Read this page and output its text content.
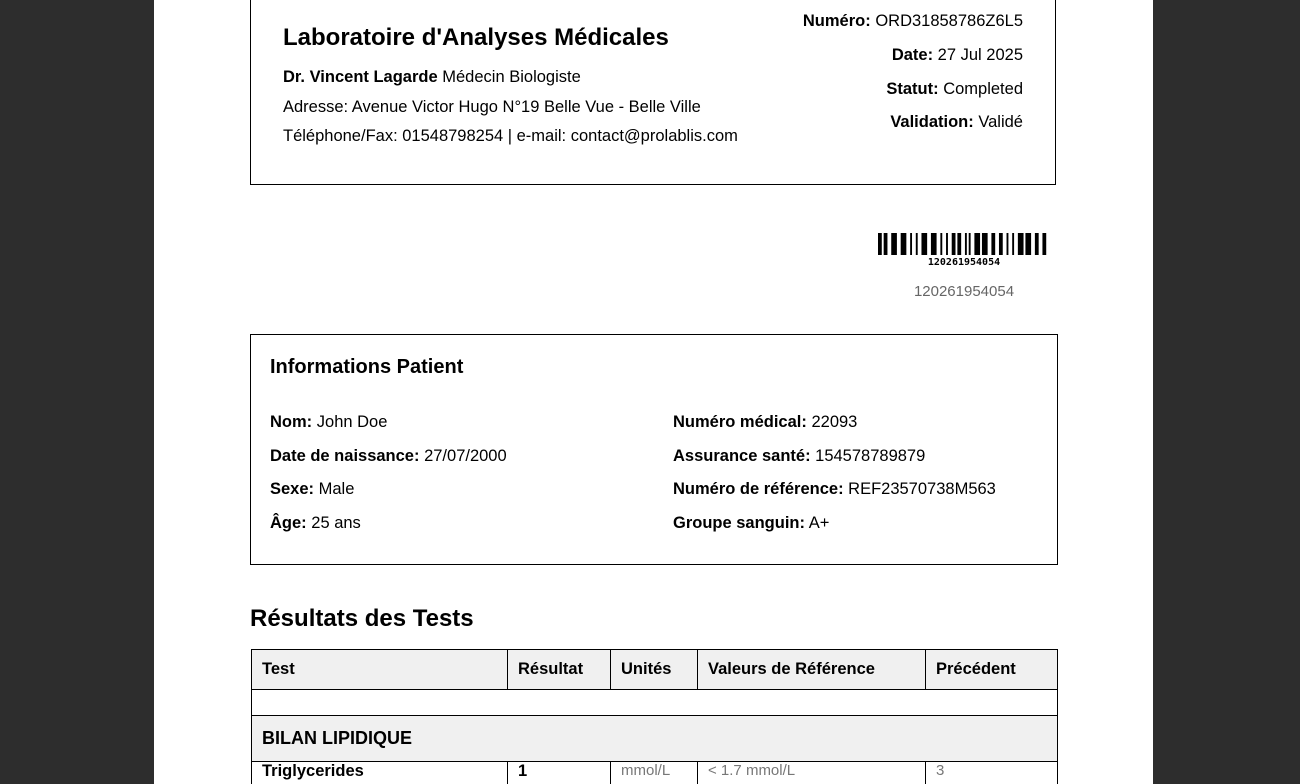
Laboratoire d'Analyses Médicales
Dr. Vincent Lagarde Médecin Biologiste
Adresse: Avenue Victor Hugo N°19 Belle Vue - Belle Ville
Téléphone/Fax: 01548798254 | e-mail: contact@prolablis.com
Numéro: ORD31858786Z6L5
Date: 27 Jul 2025
Statut: Completed
Validation: Validé
120261954054
120261954054
Informations Patient
Nom: John Doe
Date de naissance: 27/07/2000
Sexe: Male
Âge: 25 ans
Numéro médical: 22093
Assurance santé: 154578789879
Numéro de référence: REF23570738M563
Groupe sanguin: A+
Résultats des Tests
Test	Résultat	Unités	Valeurs de Référence	Précédent

BILAN LIPIDIQUE				
Triglycerides	1	mmol/L	< 1.7 mmol/L	3
